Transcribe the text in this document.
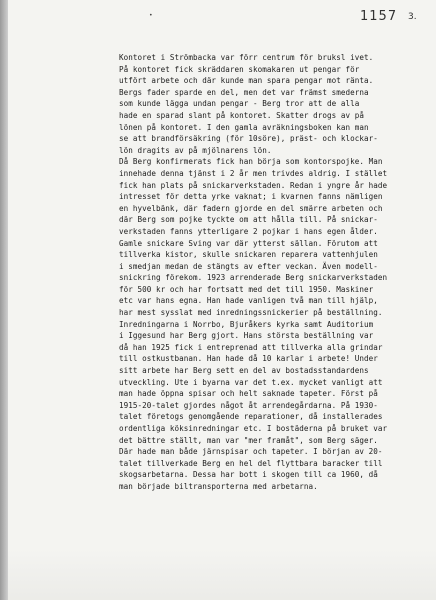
•	1157 3.
Kontoret i Strömbacka var förr centrum för bruksl ivet.
På kontoret fick skräddaren skomakaren ut pengar för
utfört arbete och där kunde man spara pengar mot ränta.
Bergs fader sparde en del, men det var främst smederna
som kunde lägga undan pengar - Berg tror att de alla
hade en sparad slant på kontoret. Skatter drogs av på
lönen på kontoret. I den gamla avräkningsboken kan man
se att brandförsäkring (för 10söre), präst- och klockar-
lön dragits av på mjölnarens lön.
Då Berg konfirmerats fick han börja som kontorspojke. Man
innehade denna tjänst i 2 år men trivdes aldrig. I stället
fick han plats på snickarverkstaden. Redan i yngre år hade
intresset för detta yrke vaknat; i kvarnen fanns nämligen
en hyvelbänk, där fadern gjorde en del smärre arbeten och
där Berg som pojke tyckte om att hålla till. På snickar-
verkstaden fanns ytterligare 2 pojkar i hans egen ålder.
Gamle snickare Sving var där ytterst sällan. Förutom att
tillverka kistor, skulle snickaren reparera vattenhjulen
i smedjan medan de stängts av efter veckan. Även modell-
snickring förekom. 1923 arrenderade Berg snickarverkstaden
för 500 kr och har fortsatt med det till 1950. Maskiner
etc var hans egna. Han hade vanligen två man till hjälp,
har mest sysslat med inredningssnickerier på beställning.
Inredningarna i Norrbo, Bjuråkers kyrka samt Auditorium
i Iggesund har Berg gjort. Hans största beställning var
då han 1925 fick i entreprenad att tillverka alla grindar
till ostkustbanan. Han hade då 10 karlar i arbete! Under
sitt arbete har Berg sett en del av bostadsstandardens
utveckling. Ute i byarna var det t.ex. mycket vanligt att
man hade öppna spisar och helt saknade tapeter. Först på
1915-20-talet gjordes något åt arrendegårdarna. På 1930-
talet företogs genomgående reparationer, då installerades
ordentliga köksinredningar etc. I bostäderna på bruket var
det bättre ställt, man var "mer framåt", som Berg säger.
Där hade man både järnspisar och tapeter. I början av 20-
talet tillverkade Berg en hel del flyttbara baracker till
skogsarbetarna. Dessa har bott i skogen till ca 1960, då
man började biltransporterna med arbetarna.
